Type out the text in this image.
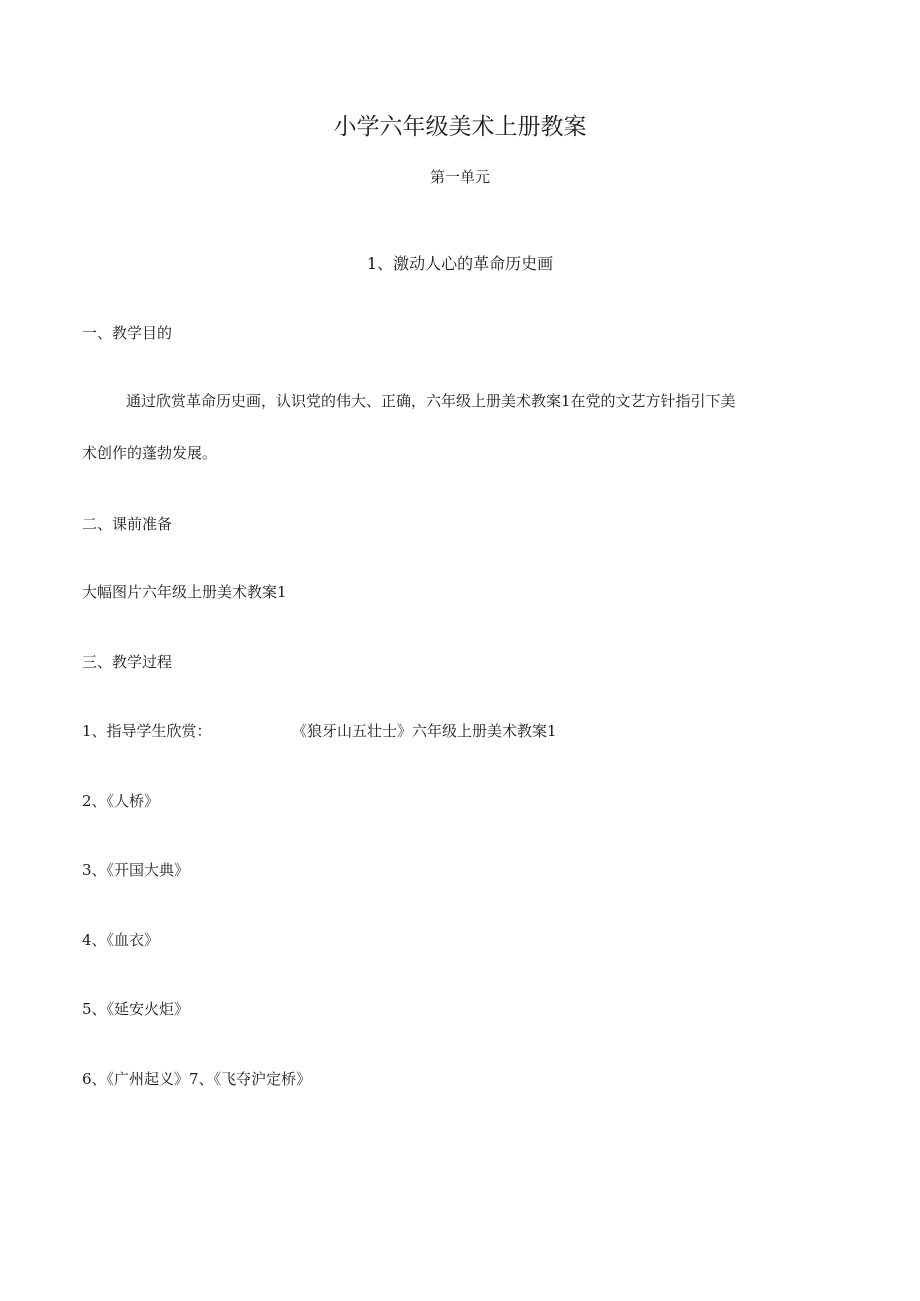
小学六年级美术上册教案
第一单元
1、激动人心的革命历史画
一、教学目的
通过欣赏革命历史画，认识党的伟大、正确，六年级上册美术教案1在党的文艺方针指引下美
术创作的蓬勃发展。
二、课前准备
大幅图片六年级上册美术教案1
三、教学过程
1、指导学生欣赏：	《狼牙山五壮士》六年级上册美术教案1
2、《人桥》
3、《开国大典》
4、《血衣》
5、《延安火炬》
6、《广州起义》7、《飞夺沪定桥》
